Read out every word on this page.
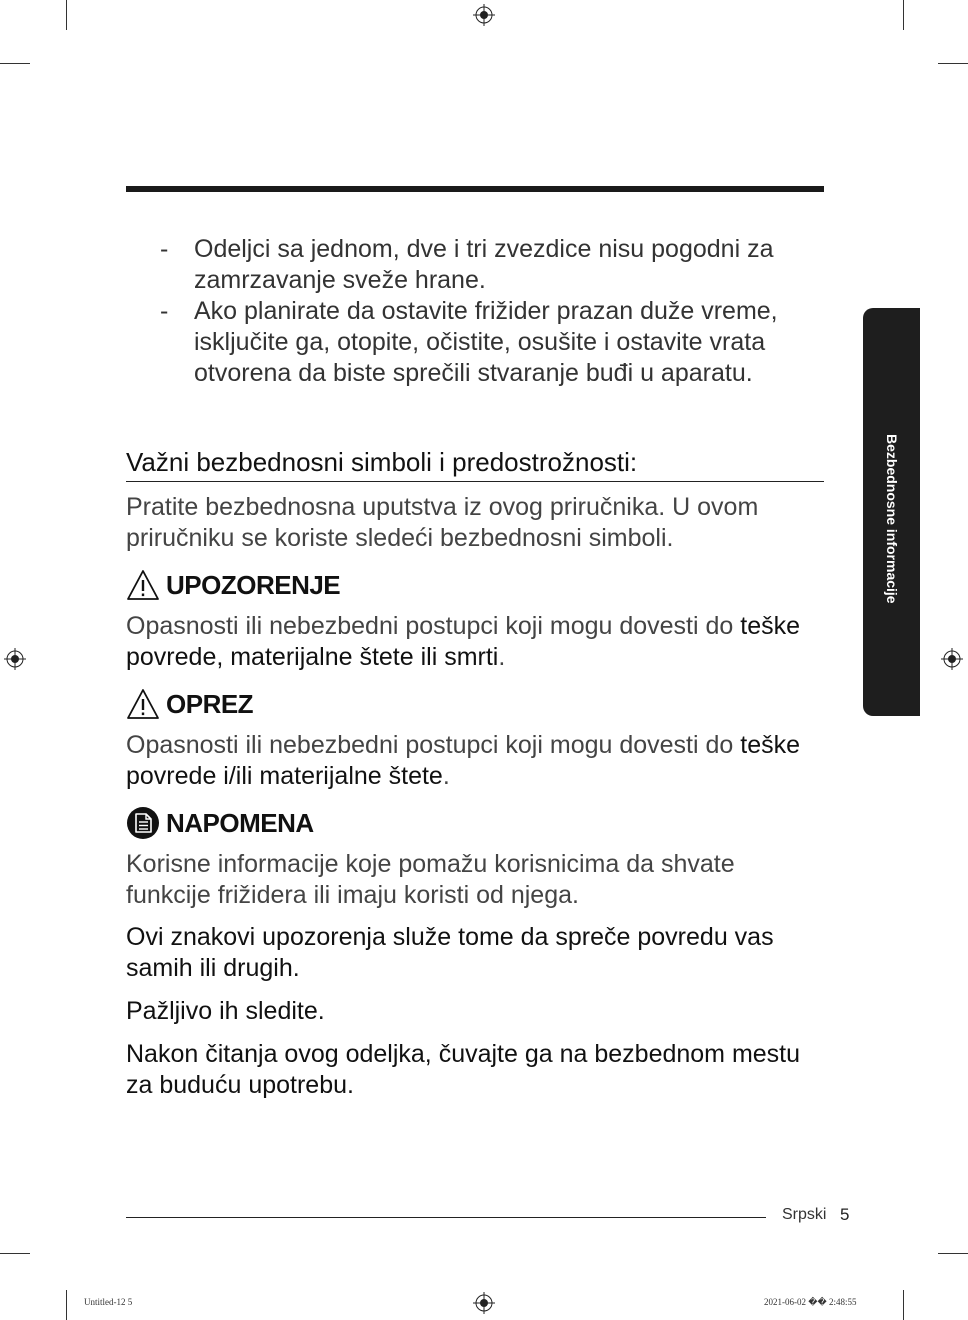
- Odeljci sa jednom, dve i tri zvezdice nisu pogodni za zamrzavanje sveže hrane.

- Ako planirate da ostavite frižider prazan duže vreme, isključite ga, otopite, očistite, osušite i ostavite vrata otvorena da biste sprečili stvaranje buđi u aparatu.

Važni bezbednosni simboli i predostrožnosti:
Pratite bezbednosna uputstva iz ovog priručnika. U ovom priručniku se koriste sledeći bezbednosni simboli.
UPOZORENJE
Opasnosti ili nebezbedni postupci koji mogu dovesti do teške povrede, materijalne štete ili smrti.
OPREZ
Opasnosti ili nebezbedni postupci koji mogu dovesti do teške povrede i/ili materijalne štete.
NAPOMENA
Korisne informacije koje pomažu korisnicima da shvate funkcije frižidera ili imaju koristi od njega.
Ovi znakovi upozorenja služe tome da spreče povredu vas samih ili drugih.
Pažljivo ih sledite.
Nakon čitanja ovog odeljka, čuvajte ga na bezbednom mestu za buduću upotrebu.
Bezbednosne informacije
Srpski 5
Untitled-12 5	2021-06-02 �� 2:48:55
